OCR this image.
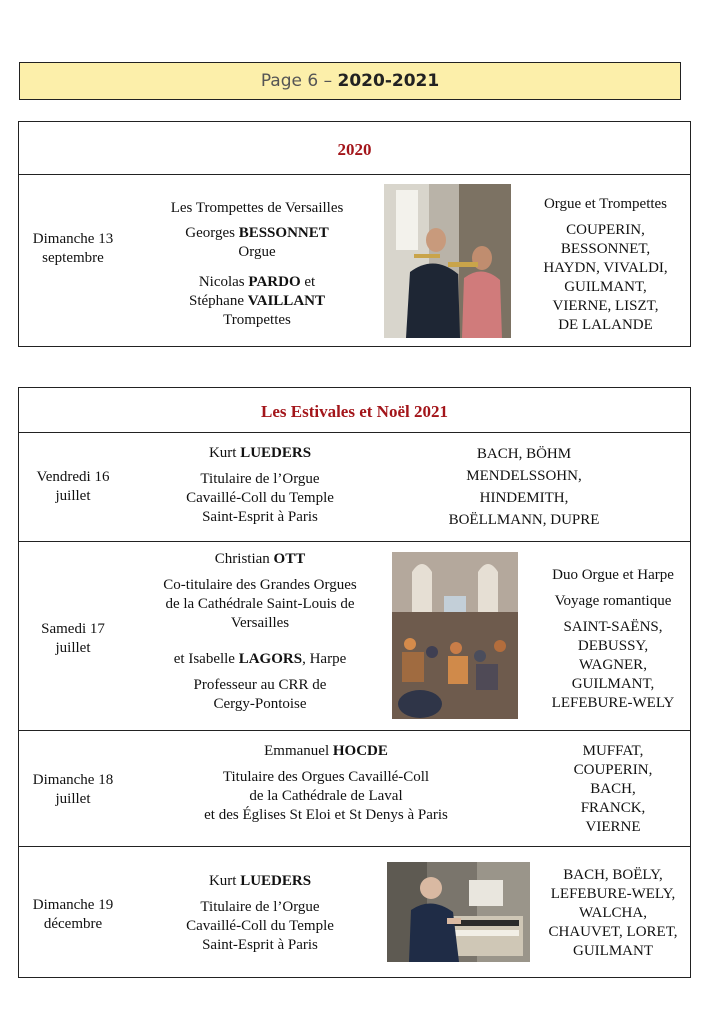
Page 6 – 2020-2021
2020

Dimanche 13

septembre

Les Trompettes de Versailles

Georges BESSONNET

Orgue

Nicolas PARDO et

Stéphane VAILLANT

Trompettes

Orgue et Trompettes

COUPERIN,

BESSONNET,

HAYDN, VIVALDI,

GUILMANT,

VIERNE, LISZT,

DE LALANDE

Les Estivales et Noël 2021

Vendredi 16

juillet

Kurt LUEDERS

Titulaire de l’Orgue

Cavaillé-Coll du Temple

Saint-Esprit à Paris

BACH, BÖHM

MENDELSSOHN,

HINDEMITH,

BOËLLMANN, DUPRE

Samedi 17

juillet

Christian OTT

Co-titulaire des Grandes Orgues

de la Cathédrale Saint-Louis de

Versailles

et Isabelle LAGORS, Harpe

Professeur au CRR de

Cergy-Pontoise

Duo Orgue et Harpe

Voyage romantique

SAINT-SAËNS,

DEBUSSY,

WAGNER,

GUILMANT,

LEFEBURE-WELY

Dimanche 18

juillet

Emmanuel HOCDE

Titulaire des Orgues Cavaillé-Coll

de la Cathédrale de Laval

et des Églises St Eloi et St Denys à Paris

MUFFAT,

COUPERIN,

BACH,

FRANCK,

VIERNE

Dimanche 19

décembre

Kurt LUEDERS

Titulaire de l’Orgue

Cavaillé-Coll du Temple

Saint-Esprit à Paris

BACH, BOËLY,

LEFEBURE-WELY,

WALCHA,

CHAUVET, LORET,

GUILMANT
